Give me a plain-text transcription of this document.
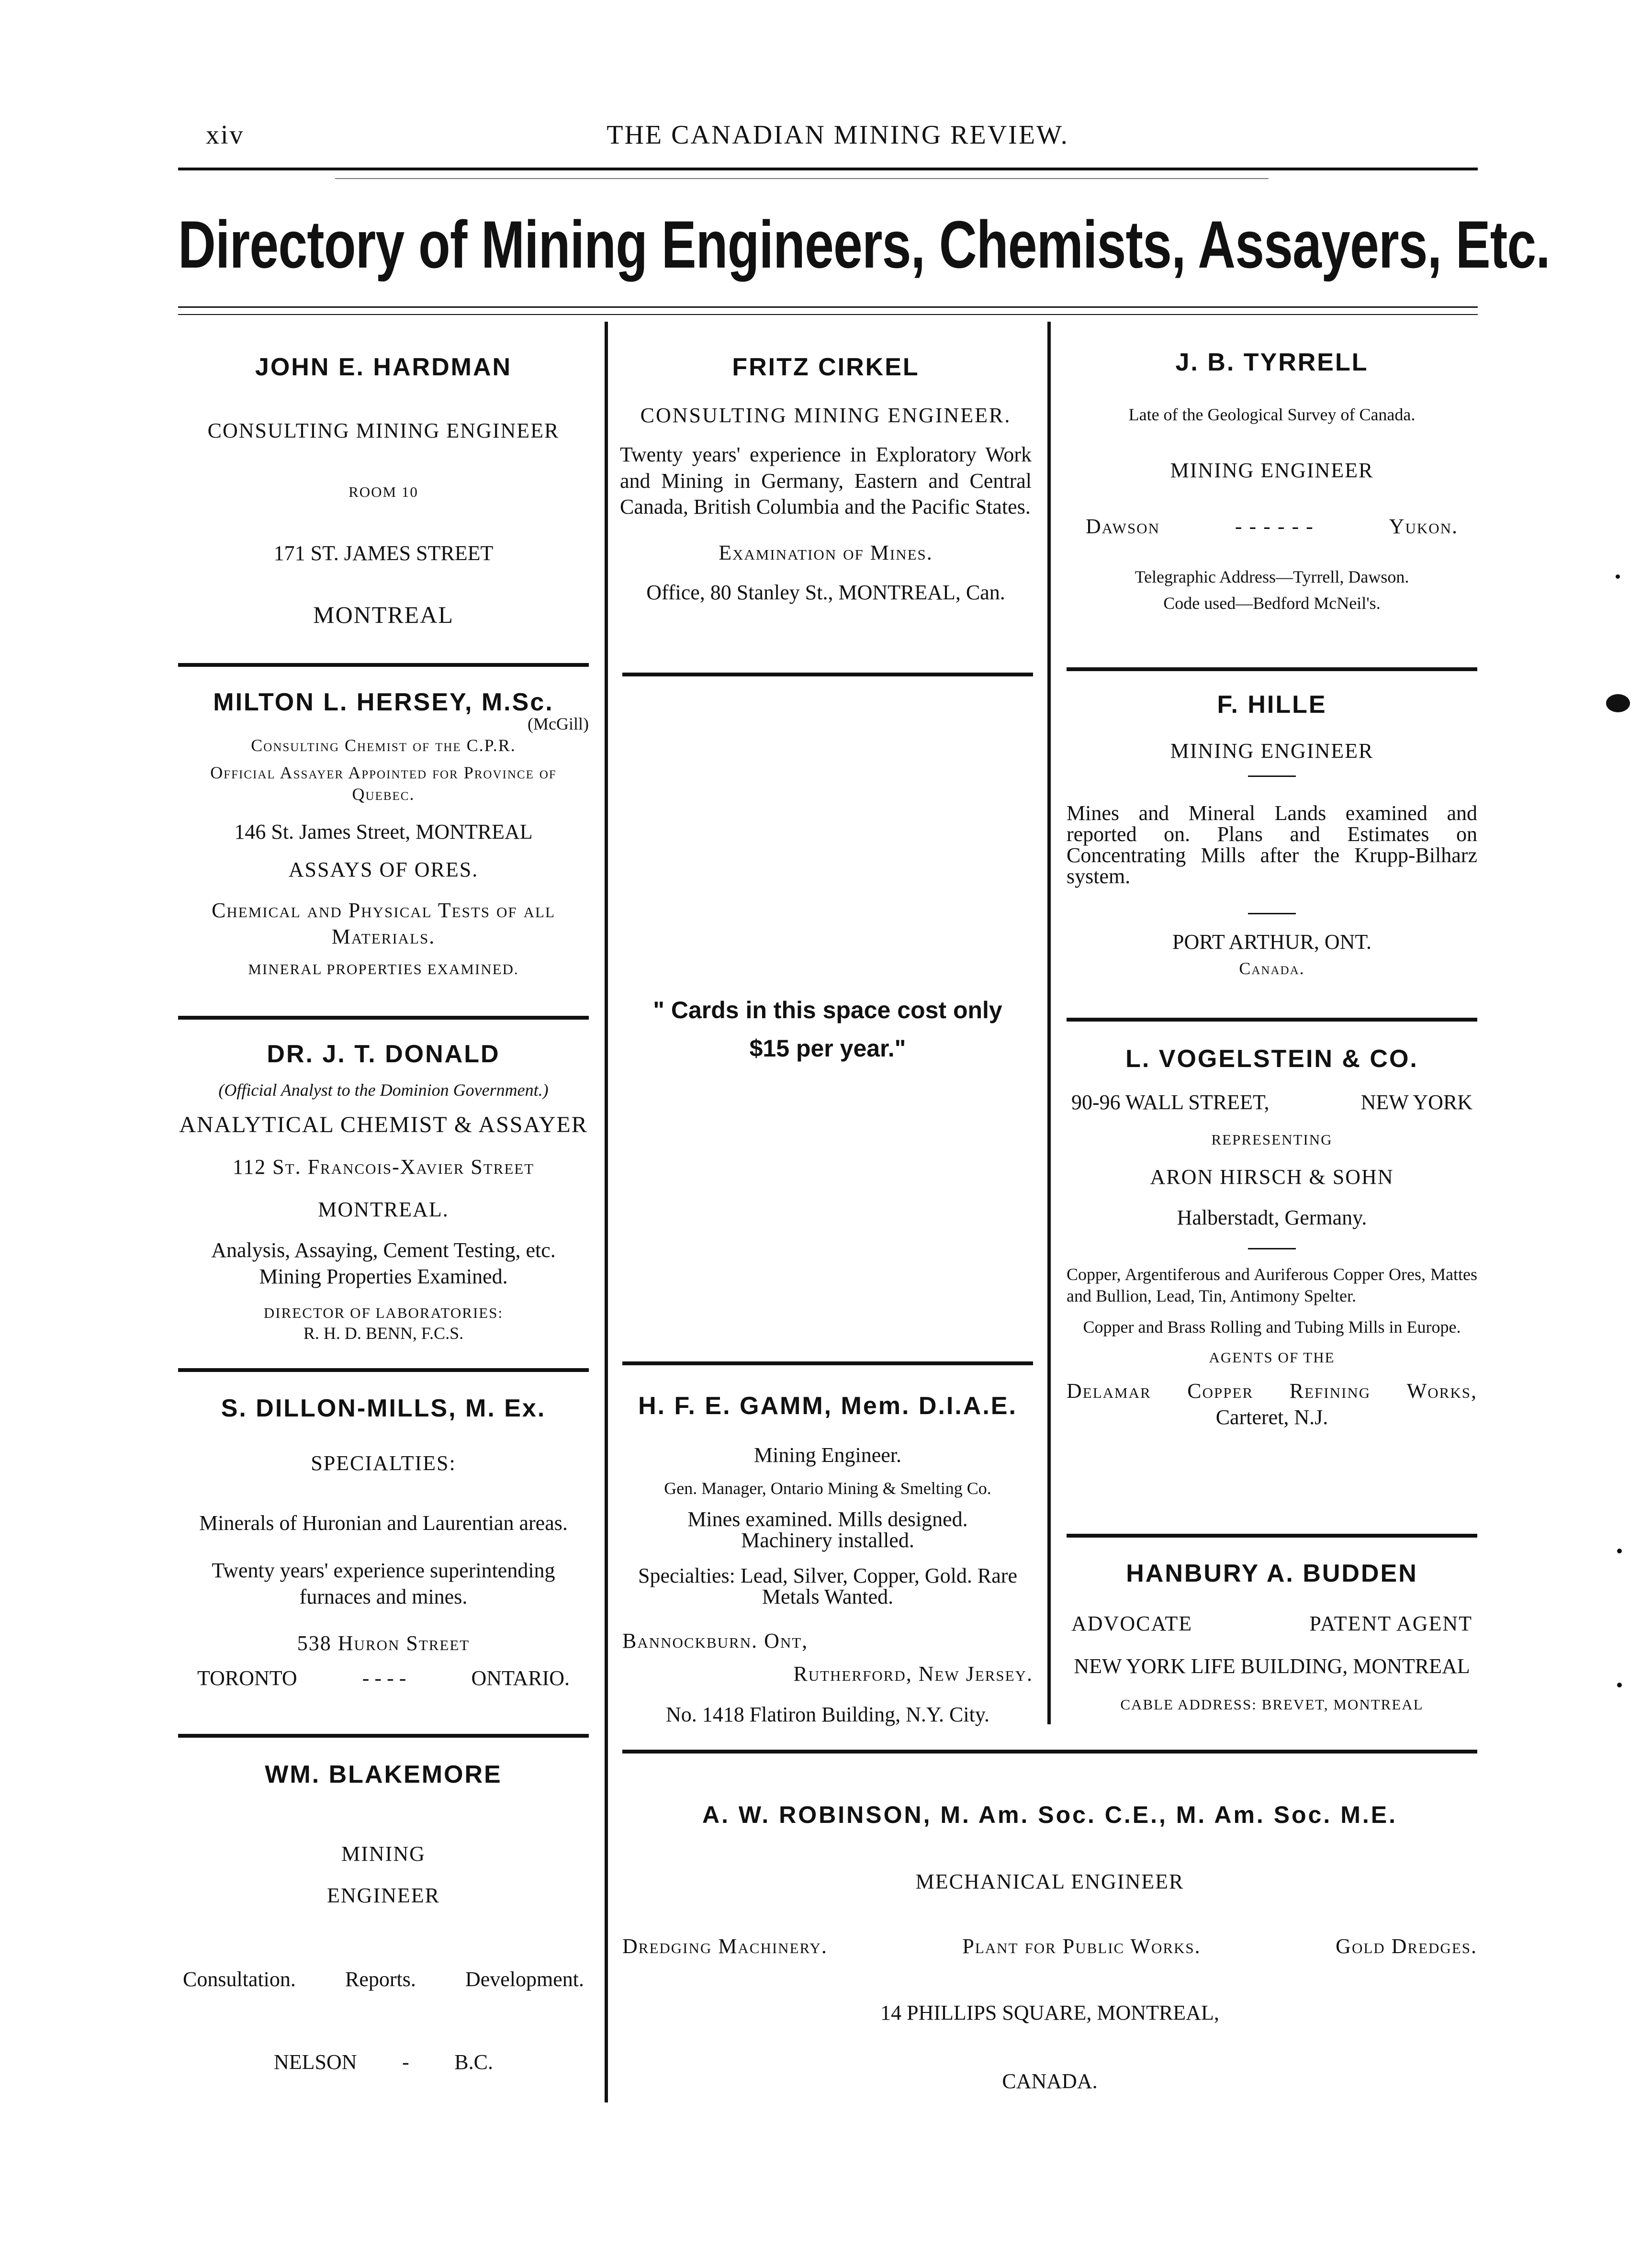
xiv	THE CANADIAN MINING REVIEW.
Directory of Mining Engineers, Chemists, Assayers, Etc.

JOHN E. HARDMAN

CONSULTING MINING ENGINEER

ROOM 10

171 ST. JAMES STREET

MONTREAL

FRITZ CIRKEL

CONSULTING MINING ENGINEER.

Twenty years' experience in Exploratory Work and Mining in Germany, Eastern and Central Canada, British Columbia and the Pacific States.

Examination of Mines.

Office, 80 Stanley St., MONTREAL, Can.

J. B. TYRRELL

Late of the Geological Survey of Canada.

MINING ENGINEER

Dawson	- - - - - -	Yukon.

Telegraphic Address—Tyrrell, Dawson.

Code used—Bedford McNeil's.

MILTON L. HERSEY, M.Sc.

(McGill)

Consulting Chemist of the C.P.R.

Official Assayer Appointed for Province of Quebec.

146 St. James Street, MONTREAL

ASSAYS OF ORES.

Chemical and Physical Tests of all Materials.

MINERAL PROPERTIES EXAMINED.

" Cards in this space cost only $15 per year."

F. HILLE

MINING ENGINEER

Mines and Mineral Lands examined and reported on. Plans and Estimates on Concentrating Mills after the Krupp-Bilharz system.

PORT ARTHUR, ONT.

Canada.

DR. J. T. DONALD

(Official Analyst to the Dominion Government.)

ANALYTICAL CHEMIST & ASSAYER

112 St. Francois-Xavier Street

MONTREAL.

Analysis, Assaying, Cement Testing, etc. Mining Properties Examined.

DIRECTOR OF LABORATORIES:

R. H. D. BENN, F.C.S.

L. VOGELSTEIN & CO.

90-96 WALL STREET,	NEW YORK

REPRESENTING

ARON HIRSCH & SOHN

Halberstadt, Germany.

Copper, Argentiferous and Auriferous Copper Ores, Mattes and Bullion, Lead, Tin, Antimony Spelter.

Copper and Brass Rolling and Tubing Mills in Europe.

AGENTS OF THE

Delamar Copper Refining Works,

Carteret, N.J.

S. DILLON-MILLS, M. Ex.

SPECIALTIES:

Minerals of Huronian and Laurentian areas.

Twenty years' experience superintending furnaces and mines.

538 Huron Street

TORONTO	- - - -	ONTARIO.

H. F. E. GAMM, Mem. D.I.A.E.

Mining Engineer.

Gen. Manager, Ontario Mining & Smelting Co.

Mines examined. Mills designed. Machinery installed.

Specialties: Lead, Silver, Copper, Gold. Rare Metals Wanted.

Bannockburn. Ont,

Rutherford, New Jersey.

No. 1418 Flatiron Building, N.Y. City.

HANBURY A. BUDDEN

ADVOCATE	PATENT AGENT

NEW YORK LIFE BUILDING, MONTREAL

CABLE ADDRESS: BREVET, MONTREAL

WM. BLAKEMORE

MINING

ENGINEER

Consultation. Reports. Development.
NELSON - B.C.

A. W. ROBINSON, M. Am. Soc. C.E., M. Am. Soc. M.E.

MECHANICAL ENGINEER

Dredging Machinery.	Plant for Public Works.	Gold Dredges.

14 PHILLIPS SQUARE, MONTREAL,

CANADA.
